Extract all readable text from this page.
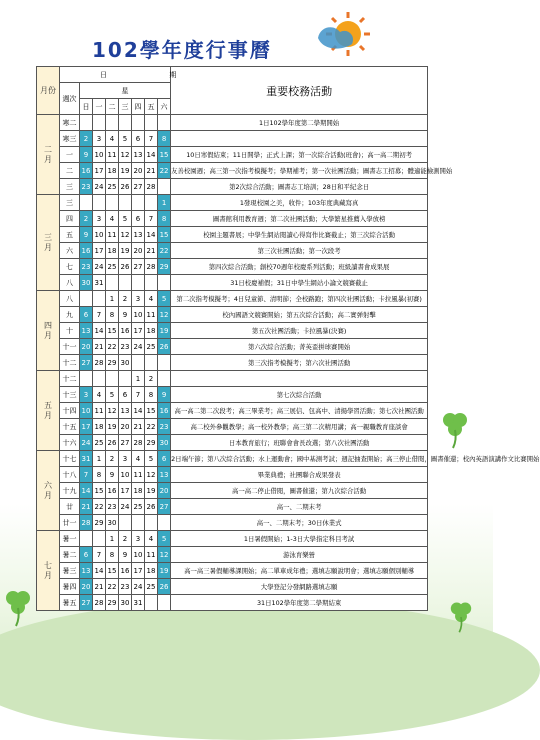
102學年度行事曆
月份	日 期								重要校務活動
	週次	星							
		日	一	二	三	四	五	六	
二
月	寒二								1日102學年度第二學期開始
	寒三	2	3	4	5	6	7	8	
	一	9	10	11	12	13	14	15	10日寒假結束；11日開學；正式上課；第一次綜合活動(班會)；高一高二期初考
	二	16	17	18	19	20	21	22	友善校園週；高三第一次指考模擬考；學期補考；第一次社團活動；圖書志工招募；體適能檢測開始
	三	23	24	25	26	27	28		第2次綜合活動；圖書志工培訓；28日和平紀念日
三
月	三							1	1發現校園之美，收件；103年度典藏寫真
	四	2	3	4	5	6	7	8	圖書館利用教育週；第二次社團活動；大學繁星推薦入學放榜
	五	9	10	11	12	13	14	15	校園主題書展；中學生網站閱讀心得寫作比賽截止；第三次綜合活動
	六	16	17	18	19	20	21	22	第三次社團活動；第一次段考
	七	23	24	25	26	27	28	29	第四次綜合活動；創校70週年校慶系列活動；班級讀書會成果展
	八	30	31						31日校慶補假；31日中學生網站小論文競賽截止
四
月	八			1	2	3	4	5	第二次指考模擬考；4日兒童節、清明節；全校路跑；第四次社團活動；卡拉風暴(初賽)
	九	6	7	8	9	10	11	12	校內國語文競賽開始；第五次綜合活動；高二實弹射擊
	十	13	14	15	16	17	18	19	第五次社團活動；卡拉風暴(決賽)
	十一	20	21	22	23	24	25	26	第六次綜合活動；菁英盃拼球賽開始
	十二	27	28	29	30				第三次指考模擬考；第六次社團活動
五
月	十二					1	2		
	十三	3	4	5	6	7	8	9	第七次綜合活動
	十四	10	11	12	13	14	15	16	高一高二第二次段考；高三畢業考；高三展信、包高中、清揚學習活動；第七次社團活動
	十五	17	18	19	20	21	22	23	高二校外參觀教學；高一校外教學；高三第二次精用講；高一親職教育座談會
	十六	24	25	26	27	28	29	30	日本教育旅行；班聯會會長改選；第八次社團活動
六
月	十七	31	1	2	3	4	5	6	2日端午節；第八次綜合活動；水上運動會；國中基測考試；週記抽查開始；高三停止借閱，圖書催還；校內英語演講作文比賽開始
	十八	7	8	9	10	11	12	13	畢業典禮；社團聯合成果發表
	十九	14	15	16	17	18	19	20	高一高二停止借閱，圖書催還；第九次綜合活動
	廿	21	22	23	24	25	26	27	高一、二期末考
	廿一	28	29	30					高一、二期末考；30日休業式
七
月	暑一			1	2	3	4	5	1日暑假開始；1-3日大學指定科目考試
	暑二	6	7	8	9	10	11	12	游泳育樂營
	暑三	13	14	15	16	17	18	19	高一高三暑假輔導課開始；高二單車成年禮；選填志願說明會；選填志願個別輔導
	暑四	20	21	22	23	24	25	26	大學登記分發網路選填志願
	暑五	27	28	29	30	31			31日102學年度第二學期結束
